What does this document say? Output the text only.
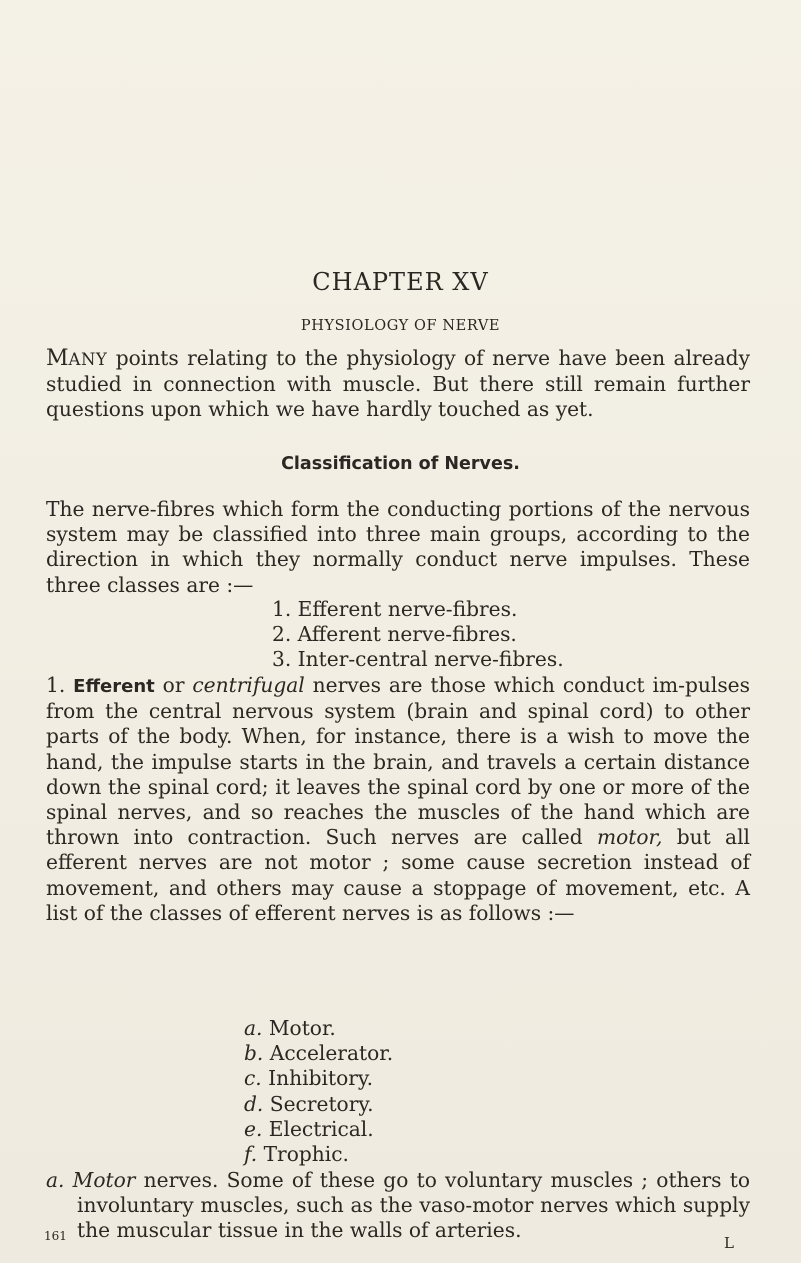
CHAPTER XV
PHYSIOLOGY OF NERVE
MANY points relating to the physiology of nerve have been already studied in connection with muscle. But there still remain further questions upon which we have hardly touched as yet.
Classification of Nerves.
The nerve-fibres which form the conducting portions of the nervous system may be classified into three main groups, according to the direction in which they normally conduct nerve impulses. These three classes are :—
1. Efferent nerve-fibres.
2. Afferent nerve-fibres.
3. Inter-central nerve-fibres.
1. Efferent or centrifugal nerves are those which conduct im-pulses from the central nervous system (brain and spinal cord) to other parts of the body. When, for instance, there is a wish to move the hand, the impulse starts in the brain, and travels a certain distance down the spinal cord; it leaves the spinal cord by one or more of the spinal nerves, and so reaches the muscles of the hand which are thrown into contraction. Such nerves are called motor, but all efferent nerves are not motor ; some cause secretion instead of movement, and others may cause a stoppage of movement, etc. A list of the classes of efferent nerves is as follows :—
a. Motor.
b. Accelerator.
c. Inhibitory.
d. Secretory.
e. Electrical.
f. Trophic.
a. Motor nerves. Some of these go to voluntary muscles ; others to involuntary muscles, such as the vaso-motor nerves which supply the muscular tissue in the walls of arteries.
161	L
